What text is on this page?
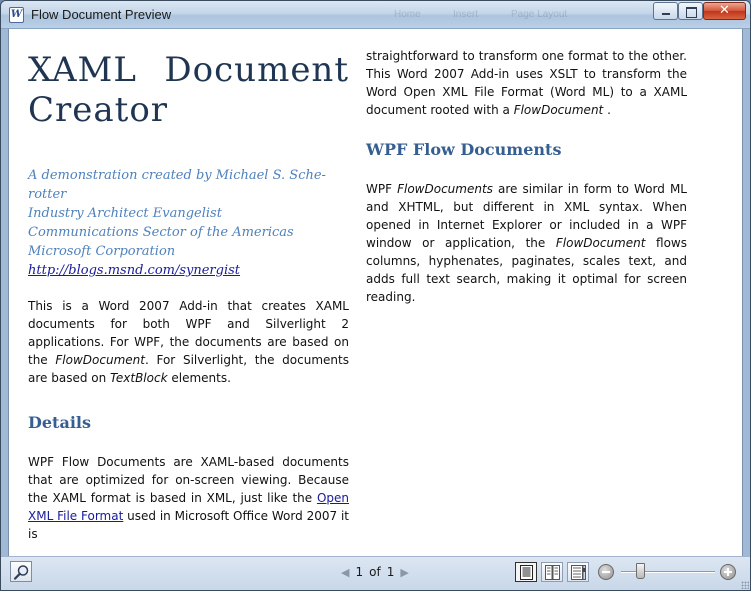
W Flow Document Preview	Home	Insert	Page Layout	✕
XAML Document
Creator
A demonstration created by Michael S. Sche-
rotter
Industry Architect Evangelist
Communications Sector of the Americas
Microsoft Corporation
http://blogs.msnd.com/synergist

This is a Word 2007 Add-in that creates XAML documents for both WPF and Silverlight 2 applications. For WPF, the documents are based on the FlowDocument. For Silverlight, the documents are based on TextBlock elements.

Details

WPF Flow Documents are XAML-based documents that are optimized for on-screen viewing. Because the XAML format is based in XML, just like the Open XML File Format used in Microsoft Office Word 2007 it is

straightforward to transform one format to the other. This Word 2007 Add-in uses XSLT to transform the Word Open XML File Format (Word ML) to a XAML document rooted with a FlowDocument .

WPF Flow Documents

WPF FlowDocuments are similar in form to Word ML and XHTML, but different in XML syntax. When opened in Internet Explorer or included in a WPF window or application, the FlowDocument flows columns, hyphenates, paginates, scales text, and adds full text search, making it optimal for screen reading.

◀ 1 of 1 ▶
